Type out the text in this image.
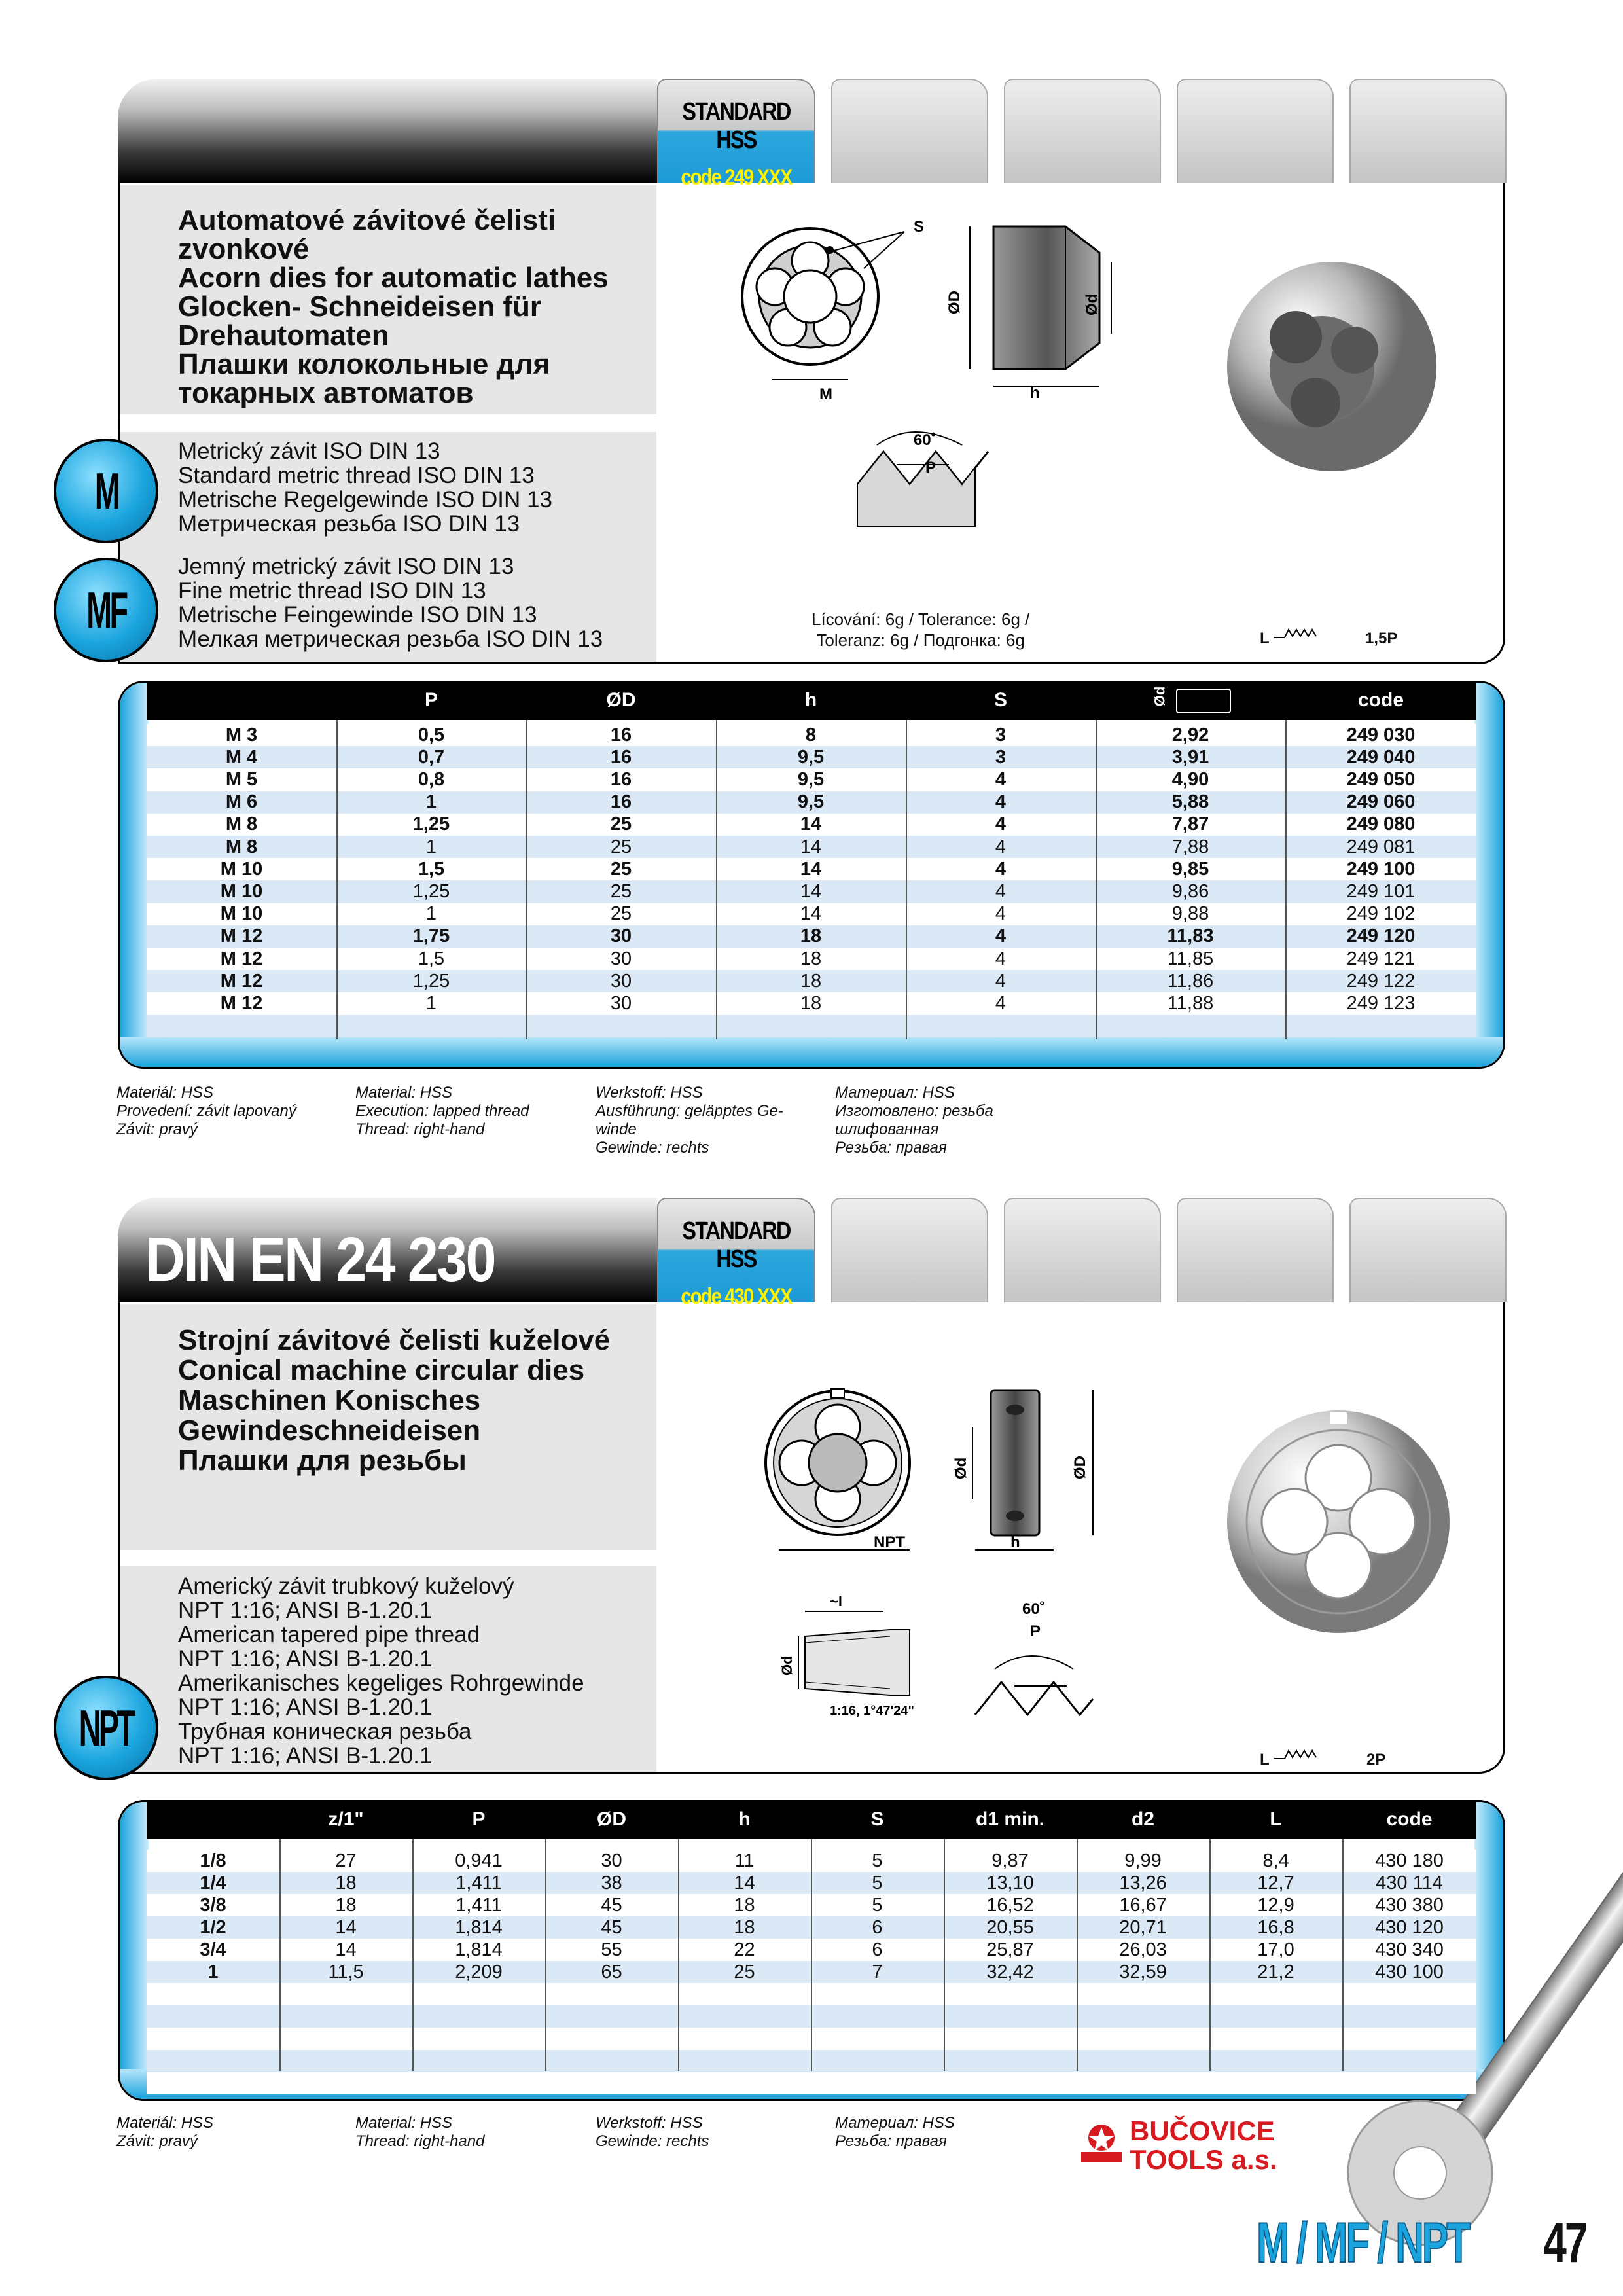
STANDARD HSS
code 249 XXX
Automatové závitové čelisti
zvonkové
Acorn dies for automatic lathes
Glocken- Schneideisen für
Drehautomaten
Плашки колокольные для
токарных автоматов
Metrický závit ISO DIN 13
Standard metric thread ISO DIN 13
Metrische Regelgewinde ISO DIN 13
Метрическая резьба ISO DIN 13
Jemný metrický závit ISO DIN 13
Fine metric thread ISO DIN 13
Metrische Feingewinde ISO DIN 13
Мелкая метрическая резьба ISO DIN 13
M
MF
S
M
ØD	Ød
h
60˚
P
Lícování: 6g / Tolerance: 6g /
Toleranz: 6g / Подгонка: 6g	L	1,5P
P	ØD	h	S	Ød	code
Materiál: HSS
Provedení: závit lapovaný
Závit: pravý
Material: HSS
Execution: lapped thread
Thread: right-hand
Werkstoff: HSS
Ausführung: geläpptes Ge-
winde
Gewinde: rechts
Материал: HSS
Изготовлено: резьба
шлифованная
Резьба: правая
DIN EN 24 230	STANDARD HSS
code 430 XXX
Strojní závitové čelisti kuželové
Conical machine circular dies
Maschinen Konisches
Gewindeschneideisen
Плашки для резьбы
Americký závit trubkový kuželový
NPT 1:16; ANSI B-1.20.1
American tapered pipe thread
NPT 1:16; ANSI B-1.20.1
Amerikanisches kegeliges Rohrgewinde
NPT 1:16; ANSI B-1.20.1
Трубная коническая резьба
NPT 1:16; ANSI B-1.20.1
NPT
NPT
Ød	ØD
h
~l
Ød
1:16, 1°47'24"
60˚
P
L	2P
z/1"	P	ØD	h	S	d1 min.	d2	L	code
Materiál: HSS
Závit: pravý
Material: HSS
Thread: right-hand
Werkstoff: HSS
Gewinde: rechts
Материал: HSS
Резьба: правая	BUČOVICE
TOOLS a.s.
M / MF / NPT 47
M 3	0,5	16	8	3	2,92	249 030
M 4	0,7	16	9,5	3	3,91	249 040
M 5	0,8	16	9,5	4	4,90	249 050
M 6	1	16	9,5	4	5,88	249 060
M 8	1,25	25	14	4	7,87	249 080
M 8	1	25	14	4	7,88	249 081
M 10	1,5	25	14	4	9,85	249 100
M 10	1,25	25	14	4	9,86	249 101
M 10	1	25	14	4	9,88	249 102
M 12	1,75	30	18	4	11,83	249 120
M 12	1,5	30	18	4	11,85	249 121
M 12	1,25	30	18	4	11,86	249 122
M 12	1	30	18	4	11,88	249 123
1/8	27	0,941	30	11	5	9,87	9,99	8,4	430 180
1/4	18	1,411	38	14	5	13,10	13,26	12,7	430 114
3/8	18	1,411	45	18	5	16,52	16,67	12,9	430 380
1/2	14	1,814	45	18	6	20,55	20,71	16,8	430 120
3/4	14	1,814	55	22	6	25,87	26,03	17,0	430 340
1	11,5	2,209	65	25	7	32,42	32,59	21,2	430 100
